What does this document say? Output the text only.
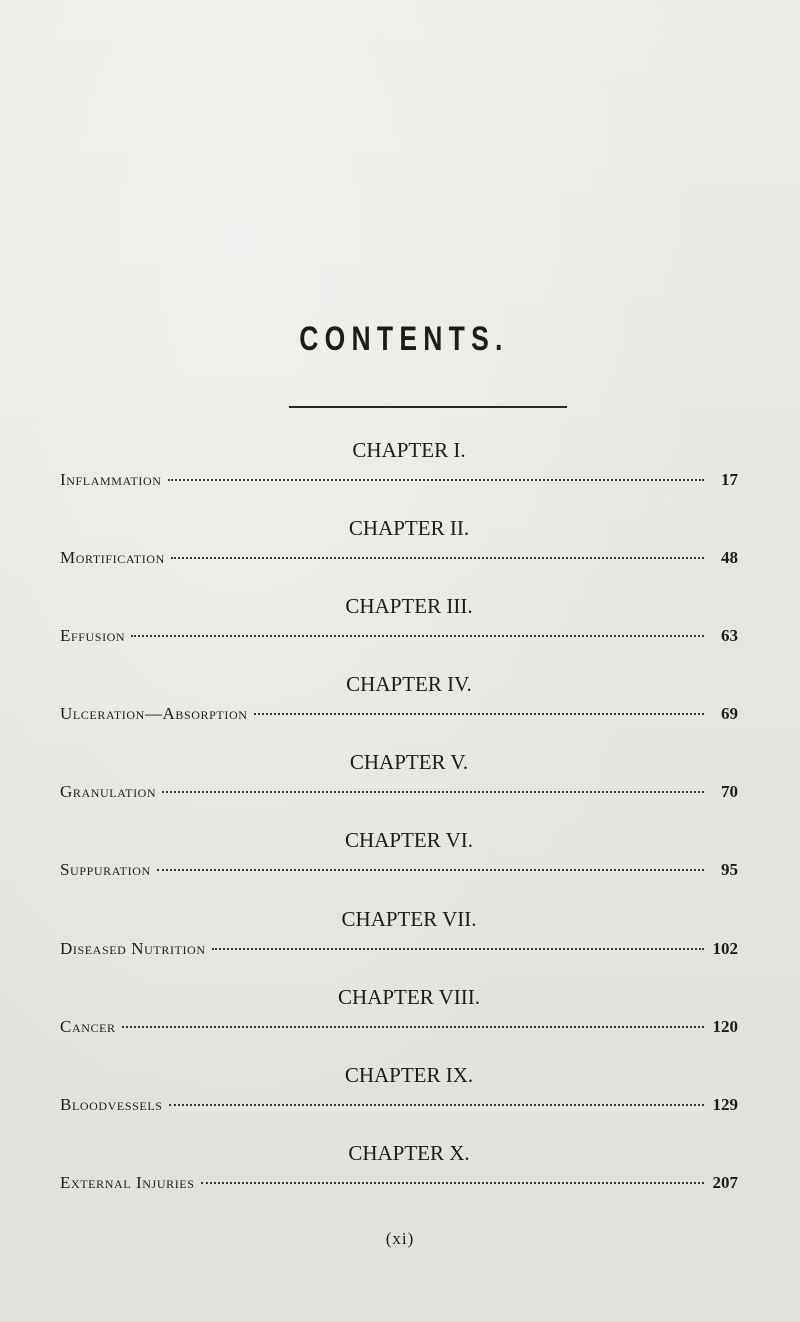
CONTENTS.
CHAPTER I.
Inflammation	17
CHAPTER II.
Mortification	48
CHAPTER III.
Effusion	63
CHAPTER IV.
Ulceration—Absorption	69
CHAPTER V.
Granulation	70
CHAPTER VI.
Suppuration	95
CHAPTER VII.
Diseased Nutrition	102
CHAPTER VIII.
Cancer	120
CHAPTER IX.
Bloodvessels	129
CHAPTER X.
External Injuries	207
(xi)
